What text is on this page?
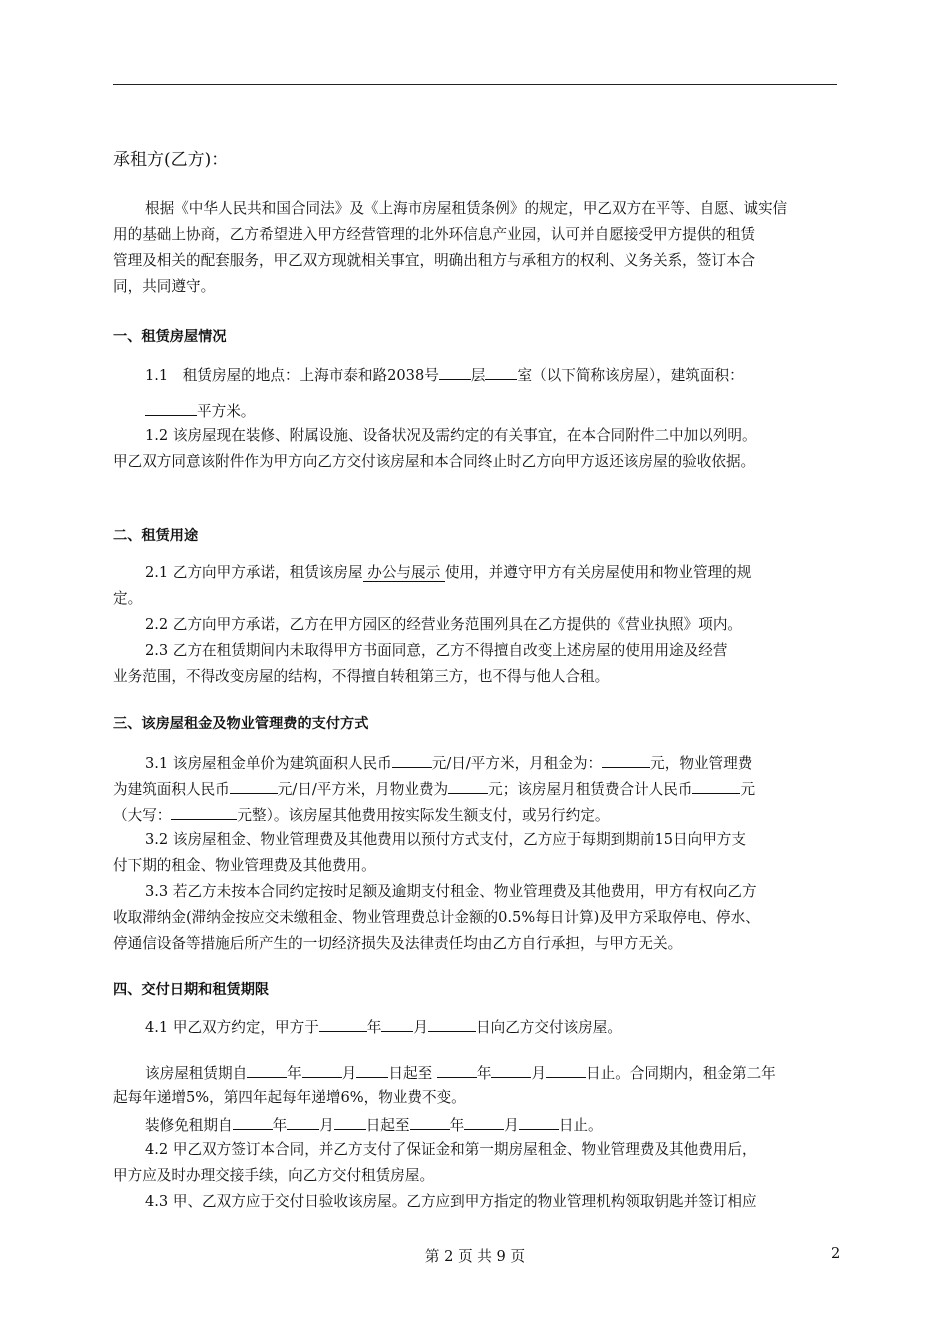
承租方(乙方)：
根据《中华人民共和国合同法》及《上海市房屋租赁条例》的规定，甲乙双方在平等、自愿、诚实信
用的基础上协商，乙方希望进入甲方经营管理的北外环信息产业园，认可并自愿接受甲方提供的租赁
管理及相关的配套服务，甲乙双方现就相关事宜，明确出租方与承租方的权利、义务关系，签订本合
同，共同遵守。
一、租赁房屋情况
1.1　租赁房屋的地点：上海市泰和路2038号 层 室（以下简称该房屋），建筑面积：
平方米。
1.2 该房屋现在装修、附属设施、设备状况及需约定的有关事宜，在本合同附件二中加以列明。
甲乙双方同意该附件作为甲方向乙方交付该房屋和本合同终止时乙方向甲方返还该房屋的验收依据。
二、租赁用途
2.1 乙方向甲方承诺，租赁该房屋 办公与展示 使用，并遵守甲方有关房屋使用和物业管理的规
定。
2.2 乙方向甲方承诺，乙方在甲方园区的经营业务范围列具在乙方提供的《营业执照》项内。
2.3 乙方在租赁期间内未取得甲方书面同意，乙方不得擅自改变上述房屋的使用用途及经营
业务范围，不得改变房屋的结构，不得擅自转租第三方，也不得与他人合租。
三、该房屋租金及物业管理费的支付方式
3.1 该房屋租金单价为建筑面积人民币	元/日/平方米，月租金为：	元，物业管理费
为建筑面积人民币	元/日/平方米，月物业费为	元；该房屋月租赁费合计人民币	元
（大写：	元整）。该房屋其他费用按实际发生额支付，或另行约定。
3.2 该房屋租金、物业管理费及其他费用以预付方式支付，乙方应于每期到期前15日向甲方支
付下期的租金、物业管理费及其他费用。
3.3 若乙方未按本合同约定按时足额及逾期支付租金、物业管理费及其他费用，甲方有权向乙方
收取滞纳金(滞纳金按应交未缴租金、物业管理费总计金额的0.5%每日计算)及甲方采取停电、停水、
停通信设备等措施后所产生的一切经济损失及法律责任均由乙方自行承担，与甲方无关。
四、交付日期和租赁期限
4.1 甲乙双方约定，甲方于	年 月	日向乙方交付该房屋。
该房屋租赁期自	年	月 日起至	年	月	日止。合同期内，租金第二年
起每年递增5%，第四年起每年递增6%，物业费不变。
装修免租期自	年 月 日起至	年	月	日止。
4.2 甲乙双方签订本合同，并乙方支付了保证金和第一期房屋租金、物业管理费及其他费用后，
甲方应及时办理交接手续，向乙方交付租赁房屋。
4.3 甲、乙双方应于交付日验收该房屋。乙方应到甲方指定的物业管理机构领取钥匙并签订相应
第 2 页 共 9 页	2
